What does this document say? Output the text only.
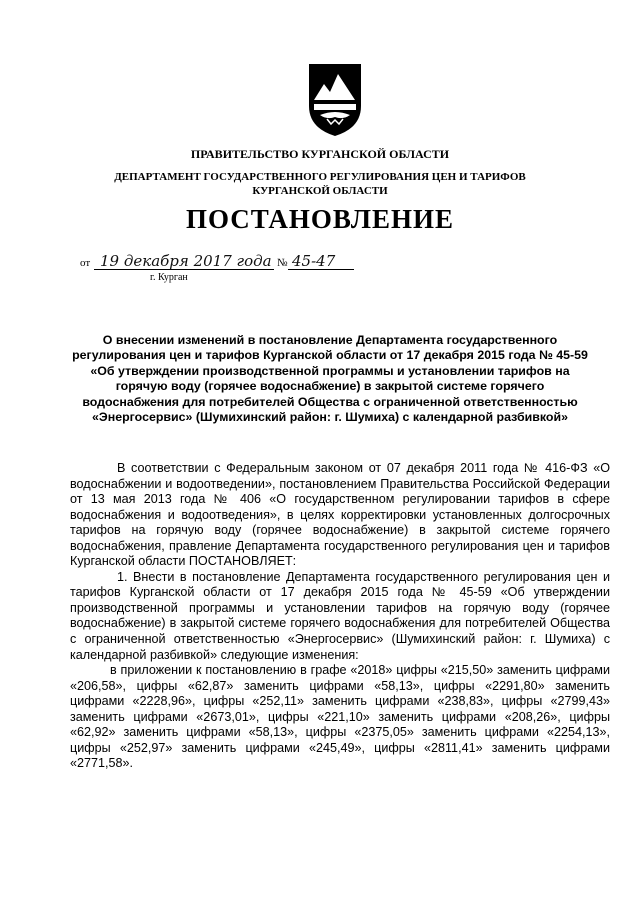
ПРАВИТЕЛЬСТВО КУРГАНСКОЙ ОБЛАСТИ
ДЕПАРТАМЕНТ ГОСУДАРСТВЕННОГО РЕГУЛИРОВАНИЯ ЦЕН И ТАРИФОВ
КУРГАНСКОЙ ОБЛАСТИ
ПОСТАНОВЛЕНИЕ
от 19 декабря 2017 года № 45-47
г. Курган
О внесении изменений в постановление Департамента государственного регулирования цен и тарифов Курганской области от 17 декабря 2015 года № 45-59 «Об утверждении производственной программы и установлении тарифов на горячую воду (горячее водоснабжение) в закрытой системе горячего водоснабжения для потребителей Общества с ограниченной ответственностью «Энергосервис» (Шумихинский район: г. Шумиха) с календарной разбивкой»

В соответствии с Федеральным законом от 07 декабря 2011 года № 416-ФЗ «О водоснабжении и водоотведении», постановлением Правительства Российской Федерации от 13 мая 2013 года № 406 «О государственном регулировании тарифов в сфере водоснабжения и водоотведения», в целях корректировки установленных долгосрочных тарифов на горячую воду (горячее водоснабжение) в закрытой системе горячего водоснабжения, правление Департамента государственного регулирования цен и тарифов Курганской области ПОСТАНОВЛЯЕТ:

1. Внести в постановление Департамента государственного регулирования цен и тарифов Курганской области от 17 декабря 2015 года № 45-59 «Об утверждении производственной программы и установлении тарифов на горячую воду (горячее водоснабжение) в закрытой системе горячего водоснабжения для потребителей Общества с ограниченной ответственностью «Энергосервис» (Шумихинский район: г. Шумиха) с календарной разбивкой» следующие изменения:

в приложении к постановлению в графе «2018» цифры «215,50» заменить цифрами «206,58», цифры «62,87» заменить цифрами «58,13», цифры «2291,80» заменить цифрами «2228,96», цифры «252,11» заменить цифрами «238,83», цифры «2799,43» заменить цифрами «2673,01», цифры «221,10» заменить цифрами «208,26», цифры «62,92» заменить цифрами «58,13», цифры «2375,05» заменить цифрами «2254,13», цифры «252,97» заменить цифрами «245,49», цифры «2811,41» заменить цифрами «2771,58».
